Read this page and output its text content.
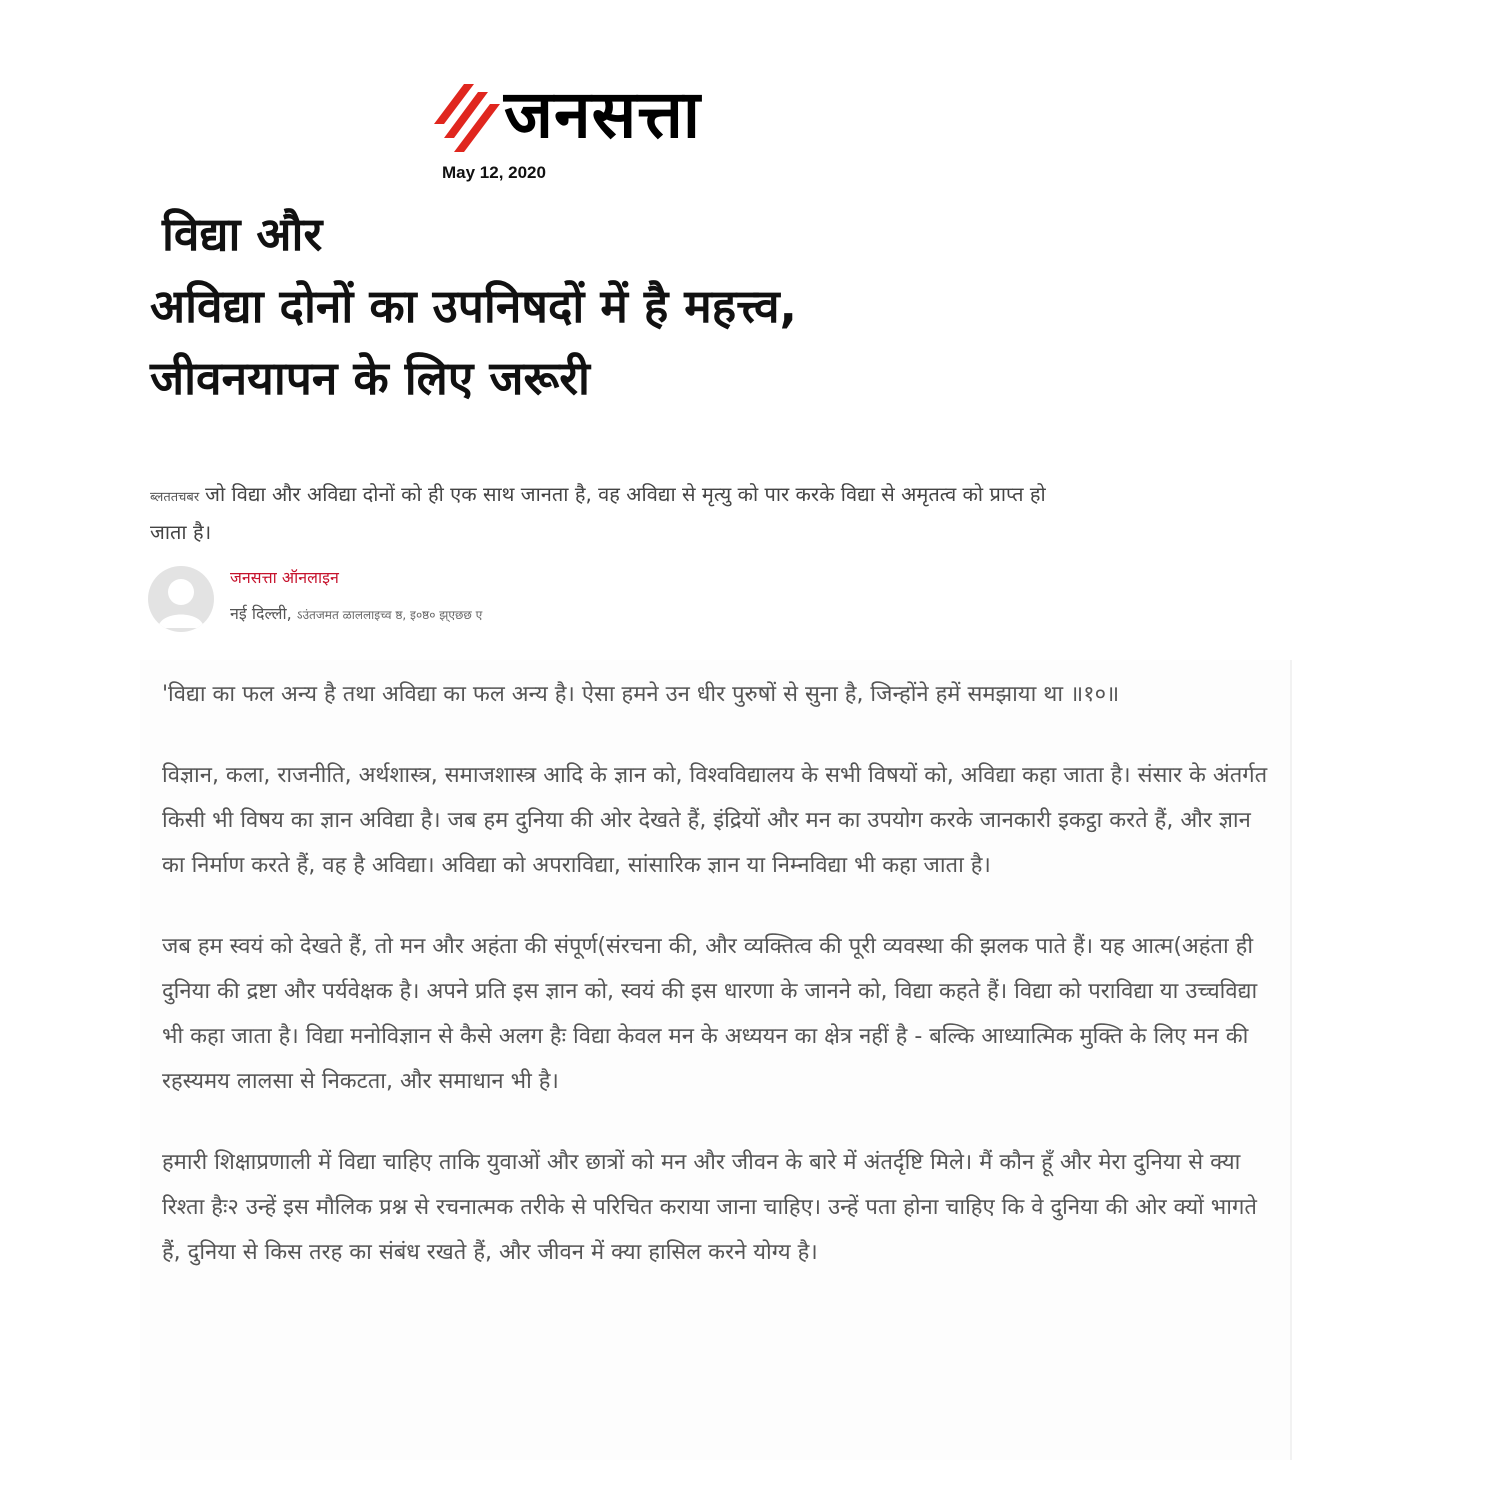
जनसत्ता
May 12, 2020
विद्या और
अविद्या दोनों का उपनिषदों में है महत्त्व,
जीवनयापन के लिए जरूरी
ब्लततचबर जो विद्या और अविद्या दोनों को ही एक साथ जानता है, वह अविद्या से मृत्यु को पार करके विद्या से अमृतत्व को प्राप्त हो जाता है।
जनसत्ता ऑनलाइन
नई दिल्ली, ऽउंतजमत ळाललाइच्व ष्ठ, इ०ष्ठ० झ्एछछ ए

'विद्या का फल अन्य है तथा अविद्या का फल अन्य है। ऐसा हमने उन धीर पुरुषों से सुना है, जिन्होंने हमें समझाया था ॥१०॥

विज्ञान, कला, राजनीति, अर्थशास्त्र, समाजशास्त्र आदि के ज्ञान को, विश्वविद्यालय के सभी विषयों को, अविद्या कहा जाता है। संसार के अंतर्गत किसी भी विषय का ज्ञान अविद्या है। जब हम दुनिया की ओर देखते हैं, इंद्रियों और मन का उपयोग करके जानकारी इकट्ठा करते हैं, और ज्ञान का निर्माण करते हैं, वह है अविद्या। अविद्या को अपराविद्या, सांसारिक ज्ञान या निम्नविद्या भी कहा जाता है।

जब हम स्वयं को देखते हैं, तो मन और अहंता की संपूर्ण(संरचना की, और व्यक्तित्व की पूरी व्यवस्था की झलक पाते हैं। यह आत्म(अहंता ही दुनिया की द्रष्टा और पर्यवेक्षक है। अपने प्रति इस ज्ञान को, स्वयं की इस धारणा के जानने को, विद्या कहते हैं। विद्या को पराविद्या या उच्चविद्या भी कहा जाता है। विद्या मनोविज्ञान से कैसे अलग हैः विद्या केवल मन के अध्ययन का क्षेत्र नहीं है - बल्कि आध्यात्मिक मुक्ति के लिए मन की रहस्यमय लालसा से निकटता, और समाधान भी है।

हमारी शिक्षाप्रणाली में विद्या चाहिए ताकि युवाओं और छात्रों को मन और जीवन के बारे में अंतर्दृष्टि मिले। मैं कौन हूँ और मेरा दुनिया से क्या रिश्ता हैः२ उन्हें इस मौलिक प्रश्न से रचनात्मक तरीके से परिचित कराया जाना चाहिए। उन्हें पता होना चाहिए कि वे दुनिया की ओर क्यों भागते हैं, दुनिया से किस तरह का संबंध रखते हैं, और जीवन में क्या हासिल करने योग्य है।
